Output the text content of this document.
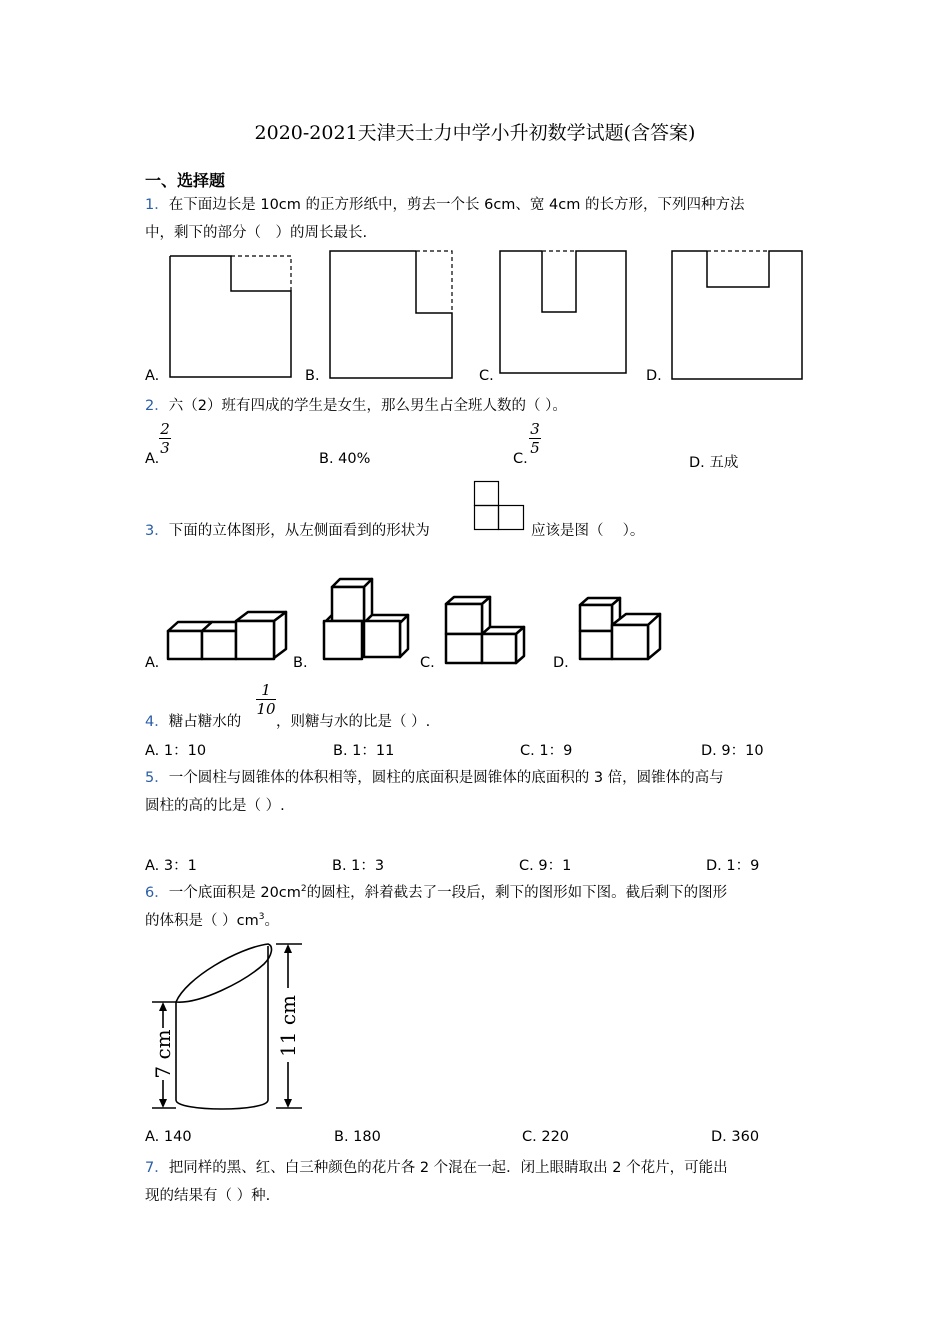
2020-2021天津天士力中学小升初数学试题(含答案)
一、选择题
1．在下面边长是 10cm 的正方形纸中，剪去一个长 6cm、宽 4cm 的长方形，下列四种方法
中，剩下的部分（　）的周长最长.
A.	B.	C.	D.
2．六（2）班有四成的学生是女生，那么男生占全班人数的（ ）。
A.
2
3
B. 40%	C.
3
5
D. 五成
3．下面的立体图形，从左侧面看到的形状为	应该是图（　 ）。
A.	B.	C.	D.
4．糖占糖水的
1
10
，则糖与水的比是（ ）.
A. 1：10	B. 1：11	C. 1：9	D. 9：10
5．一个圆柱与圆锥体的体积相等，圆柱的底面积是圆锥体的底面积的 3 倍，圆锥体的高与
圆柱的高的比是（ ）.
A. 3：1	B. 1：3	C. 9：1	D. 1：9
6．一个底面积是 $20cm^2$的圆柱，斜着截去了一段后，剩下的图形如下图。截后剩下的图形
的体积是（ ）$cm^3$。
7 cm	11 cm
A. 140	B. 180	C. 220	D. 360
7．把同样的黑、红、白三种颜色的花片各 2 个混在一起．闭上眼睛取出 2 个花片，可能出
现的结果有（ ）种.
